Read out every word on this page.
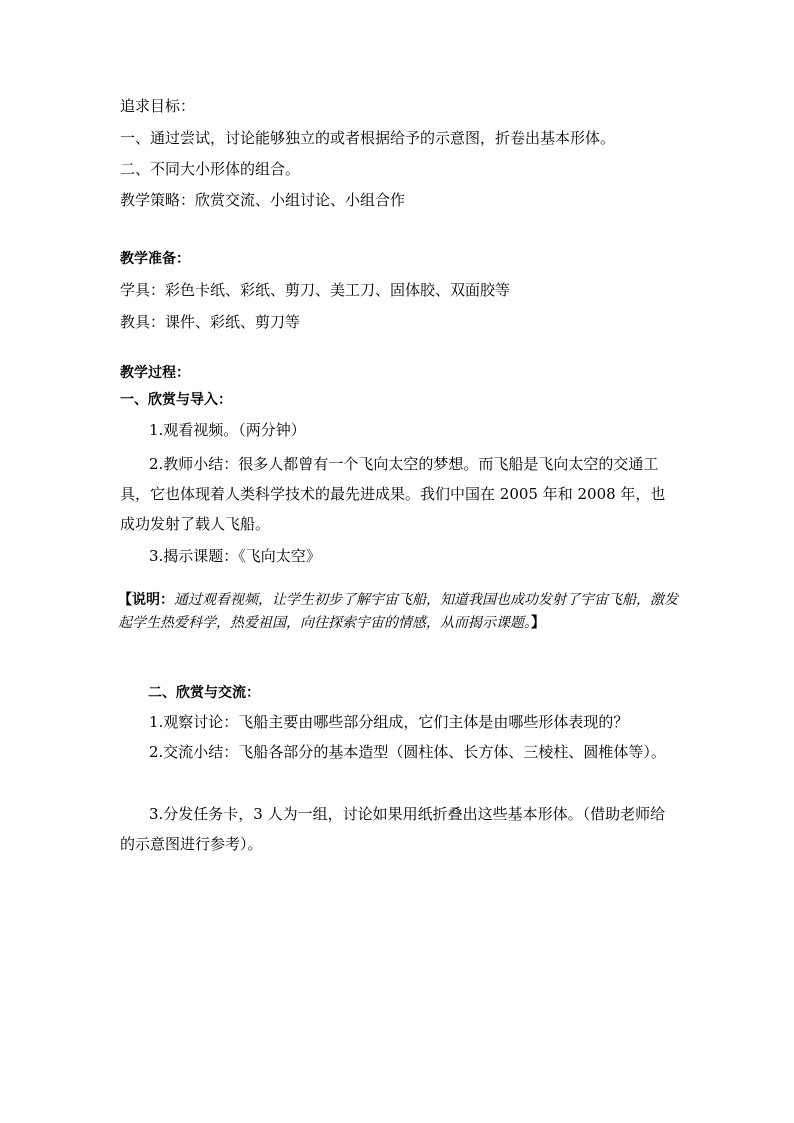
追求目标：
一、通过尝试，讨论能够独立的或者根据给予的示意图，折卷出基本形体。
二、不同大小形体的组合。
教学策略：欣赏交流、小组讨论、小组合作
教学准备：
学具：彩色卡纸、彩纸、剪刀、美工刀、固体胶、双面胶等
教具：课件、彩纸、剪刀等
教学过程：
一、欣赏与导入：
1.观看视频。（两分钟）
2.教师小结：很多人都曾有一个飞向太空的梦想。而飞船是飞向太空的交通工具，它也体现着人类科学技术的最先进成果。我们中国在 2005 年和 2008 年，也成功发射了载人飞船。
3.揭示课题：《飞向太空》
【说明：通过观看视频，让学生初步了解宇宙飞船，知道我国也成功发射了宇宙飞船，激发起学生热爱科学，热爱祖国，向往探索宇宙的情感，从而揭示课题。】
二、欣赏与交流：
1.观察讨论：飞船主要由哪些部分组成，它们主体是由哪些形体表现的？
2.交流小结：飞船各部分的基本造型（圆柱体、长方体、三棱柱、圆椎体等）。
3.分发任务卡，3 人为一组，讨论如果用纸折叠出这些基本形体。（借助老师给的示意图进行参考）。
